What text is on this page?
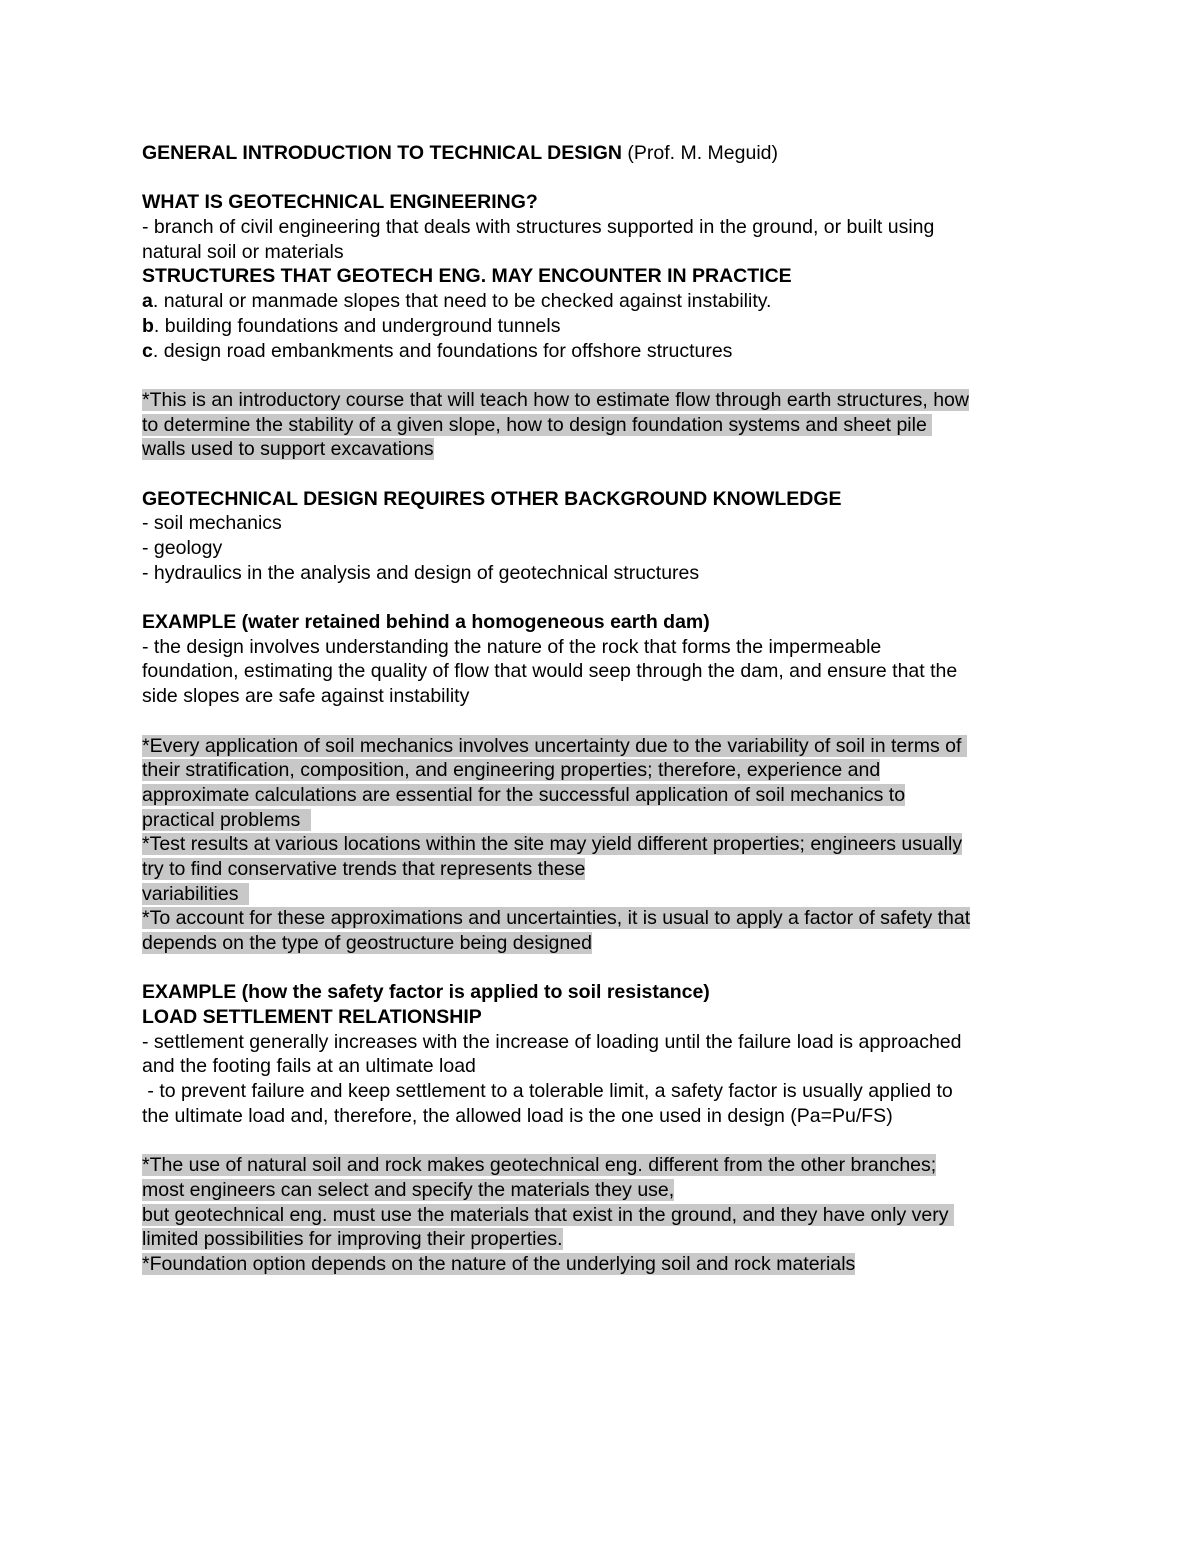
GENERAL INTRODUCTION TO TECHNICAL DESIGN (Prof. M. Meguid)
WHAT IS GEOTECHNICAL ENGINEERING?
- branch of civil engineering that deals with structures supported in the ground, or built using
natural soil or materials
STRUCTURES THAT GEOTECH ENG. MAY ENCOUNTER IN PRACTICE
a. natural or manmade slopes that need to be checked against instability.
b. building foundations and underground tunnels
c. design road embankments and foundations for offshore structures
*This is an introductory course that will teach how to estimate flow through earth structures, how
to determine the stability of a given slope, how to design foundation systems and sheet pile
walls used to support excavations
GEOTECHNICAL DESIGN REQUIRES OTHER BACKGROUND KNOWLEDGE
- soil mechanics
- geology
- hydraulics in the analysis and design of geotechnical structures
EXAMPLE (water retained behind a homogeneous earth dam)
- the design involves understanding the nature of the rock that forms the impermeable
foundation, estimating the quality of flow that would seep through the dam, and ensure that the
side slopes are safe against instability
*Every application of soil mechanics involves uncertainty due to the variability of soil in terms of
their stratification, composition, and engineering properties; therefore, experience and
approximate calculations are essential for the successful application of soil mechanics to
practical problems
*Test results at various locations within the site may yield different properties; engineers usually
try to find conservative trends that represents these
variabilities
*To account for these approximations and uncertainties, it is usual to apply a factor of safety that
depends on the type of geostructure being designed
EXAMPLE (how the safety factor is applied to soil resistance)
LOAD SETTLEMENT RELATIONSHIP
- settlement generally increases with the increase of loading until the failure load is approached
and the footing fails at an ultimate load
- to prevent failure and keep settlement to a tolerable limit, a safety factor is usually applied to
the ultimate load and, therefore, the allowed load is the one used in design (Pa=Pu/FS)
*The use of natural soil and rock makes geotechnical eng. different from the other branches;
most engineers can select and specify the materials they use,
but geotechnical eng. must use the materials that exist in the ground, and they have only very
limited possibilities for improving their properties.
*Foundation option depends on the nature of the underlying soil and rock materials
